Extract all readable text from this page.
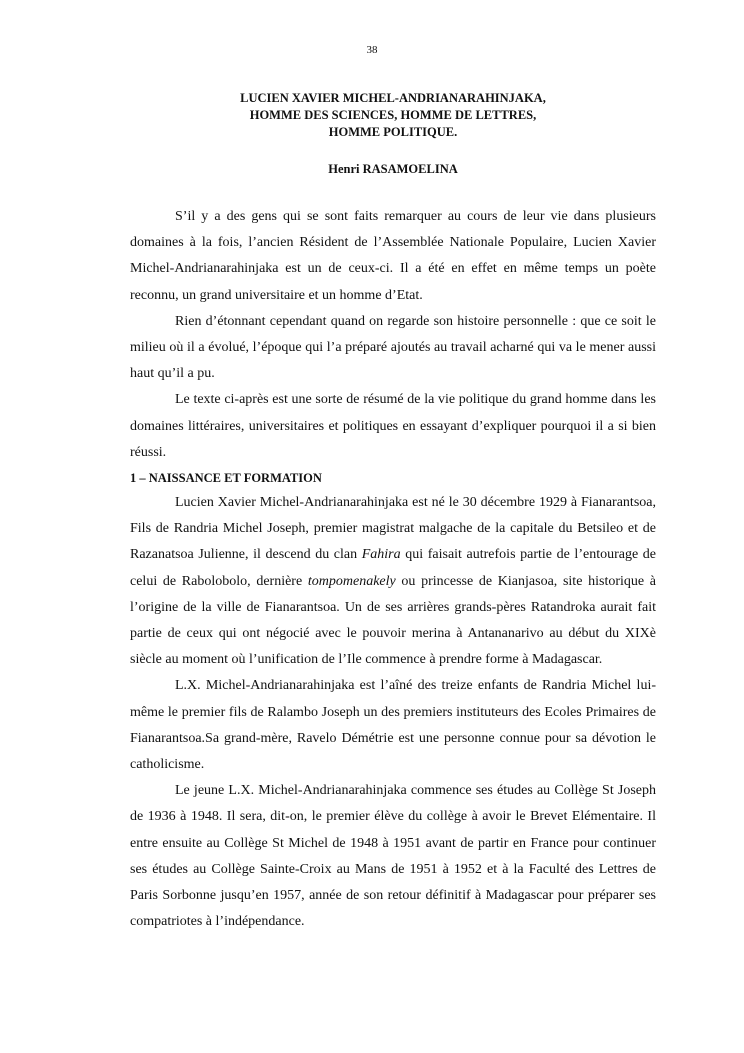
38
LUCIEN XAVIER MICHEL-ANDRIANARAHINJAKA,
HOMME DES SCIENCES, HOMME DE LETTRES,
HOMME POLITIQUE.
Henri RASAMOELINA

S’il y a des gens qui se sont faits remarquer au cours de leur vie dans plusieurs domaines à la fois, l’ancien Résident de l’Assemblée Nationale Populaire, Lucien Xavier Michel-Andrianarahinjaka est un de ceux-ci. Il a été en effet en même temps un poète reconnu, un grand universitaire et un homme d’Etat.

Rien d’étonnant cependant quand on regarde son histoire personnelle : que ce soit le milieu où il a évolué, l’époque qui l’a préparé ajoutés au travail acharné qui va le mener aussi haut qu’il a pu.

Le texte ci-après est une sorte de résumé de la vie politique du grand homme dans les domaines littéraires, universitaires et politiques en essayant d’expliquer pourquoi il a si bien réussi.

1 – NAISSANCE ET FORMATION

Lucien Xavier Michel-Andrianarahinjaka est né le 30 décembre 1929 à Fianarantsoa, Fils de Randria Michel Joseph, premier magistrat malgache de la capitale du Betsileo et de Razanatsoa Julienne, il descend du clan Fahira qui faisait autrefois partie de l’entourage de celui de Rabolobolo, dernière tompomenakely ou princesse de Kianjasoa, site historique à l’origine de la ville de Fianarantsoa. Un de ses arrières grands-pères Ratandroka aurait fait partie de ceux qui ont négocié avec le pouvoir merina à Antananarivo au début du XIXè siècle au moment où l’unification de l’Ile commence à prendre forme à Madagascar.

L.X. Michel-Andrianarahinjaka est l’aîné des treize enfants de Randria Michel lui-même le premier fils de Ralambo Joseph un des premiers instituteurs des Ecoles Primaires de Fianarantsoa.Sa grand-mère, Ravelo Démétrie est une personne connue pour sa dévotion le catholicisme.

Le jeune L.X. Michel-Andrianarahinjaka commence ses études au Collège St Joseph de 1936 à 1948. Il sera, dit-on, le premier élève du collège à avoir le Brevet Elémentaire. Il entre ensuite au Collège St Michel de 1948 à 1951 avant de partir en France pour continuer ses études au Collège Sainte-Croix au Mans de 1951 à 1952 et à la Faculté des Lettres de Paris Sorbonne jusqu’en 1957, année de son retour définitif à Madagascar pour préparer ses compatriotes à l’indépendance.
